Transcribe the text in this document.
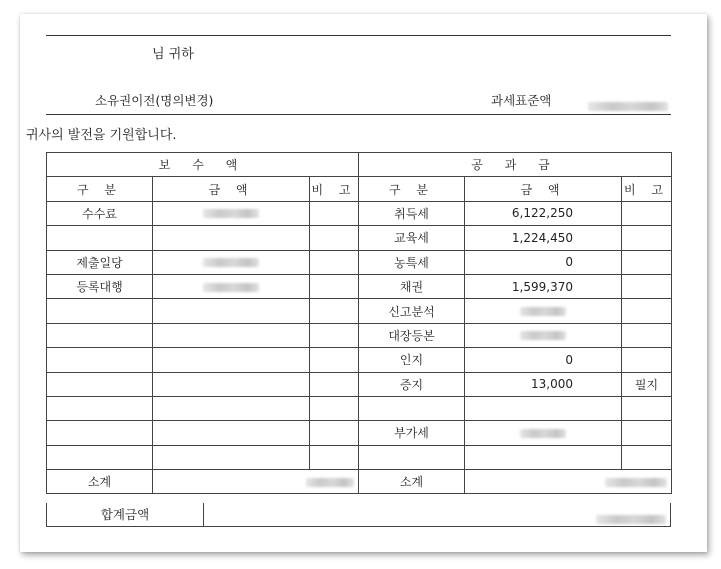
님 귀하
소유권이전(명의변경)	과세표준액
귀사의 발전을 기원합니다.
보 수 액			공 과 금		
구 분	금 액	비 고	구 분	금 액	비 고
수수료			취득세	6,122,250	
			교육세	1,224,450	
제출일당			농특세	0	
등록대행			채권	1,599,370	
			신고분석		
			대장등본		
			인지	0	
			증지	13,000	필지

			부가세		

소계			소계		
합계금액
